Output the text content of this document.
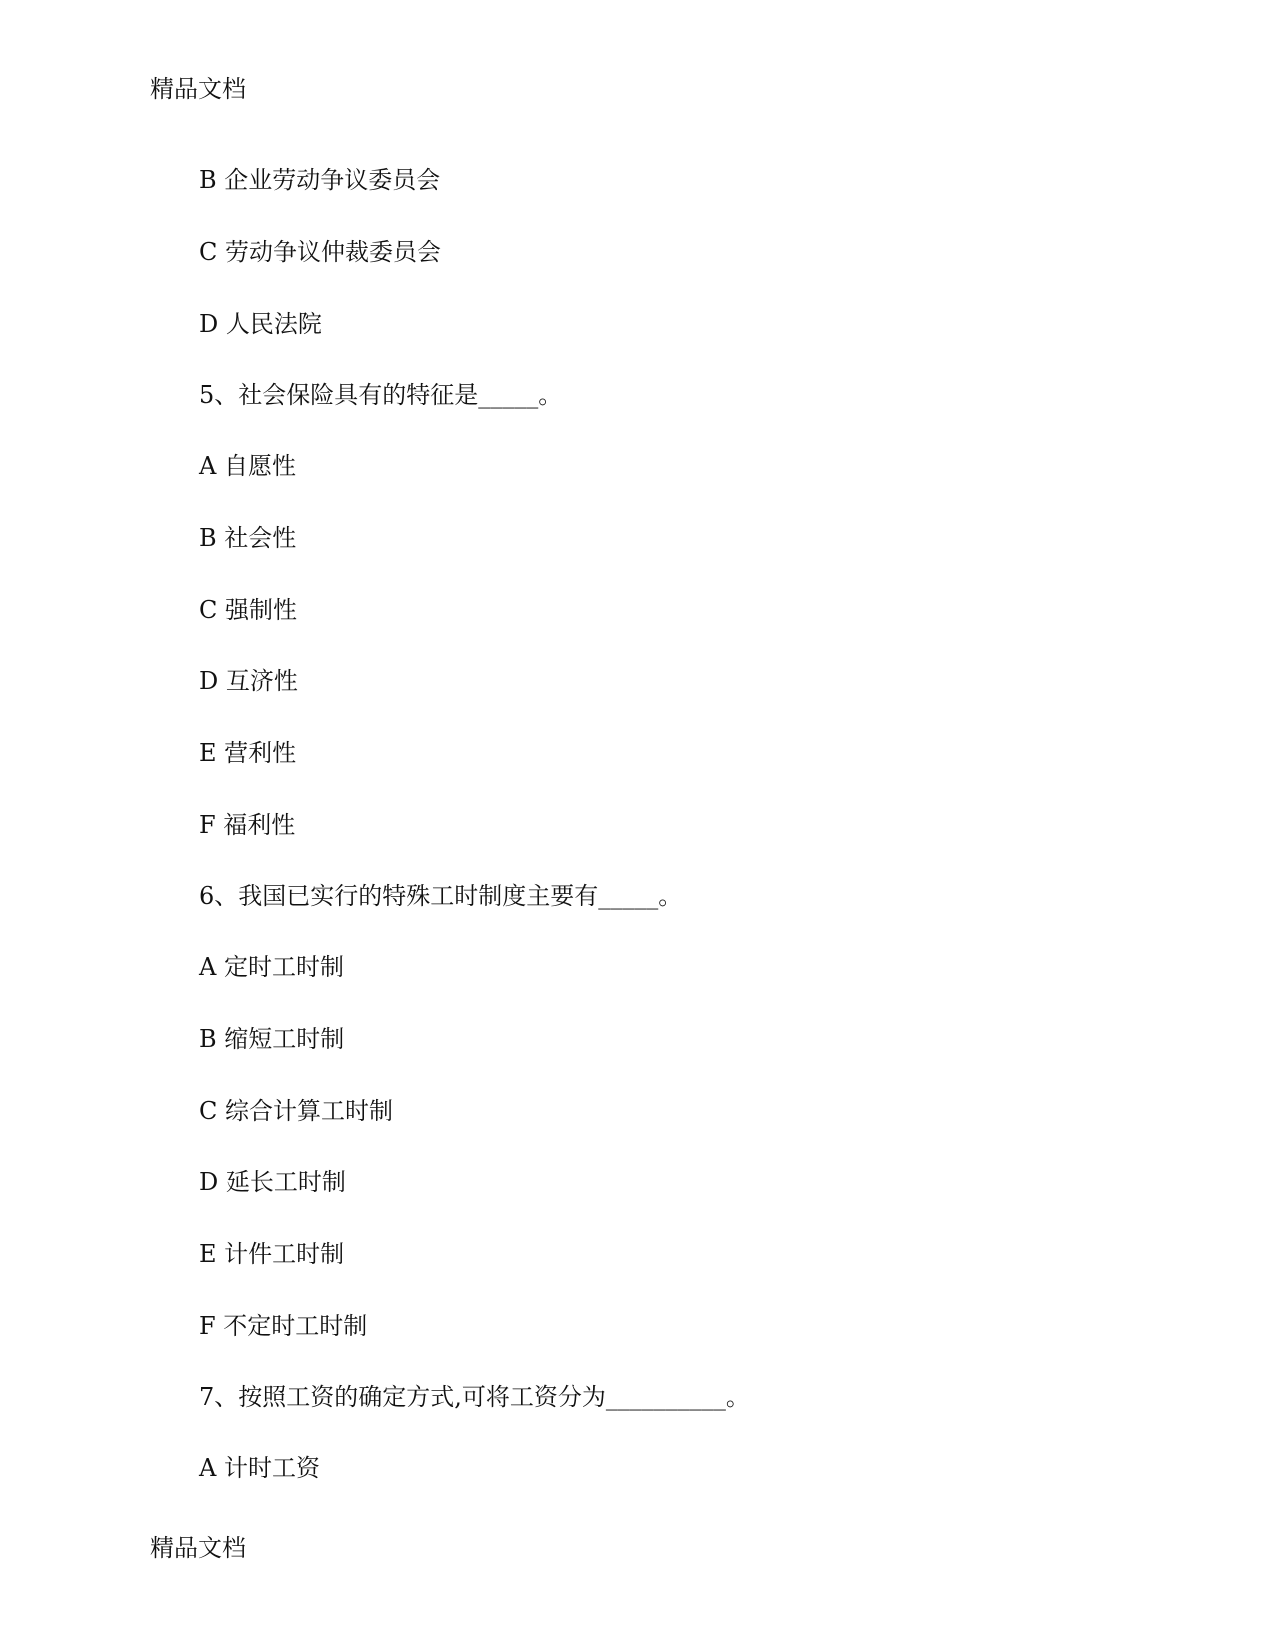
精品文档
B 企业劳动争议委员会
C 劳动争议仲裁委员会
D 人民法院
5、社会保险具有的特征是_____。
A 自愿性
B 社会性
C 强制性
D 互济性
E 营利性
F 福利性
6、我国已实行的特殊工时制度主要有_____。
A 定时工时制
B 缩短工时制
C 综合计算工时制
D 延长工时制
E 计件工时制
F 不定时工时制
7、按照工资的确定方式,可将工资分为__________。
A 计时工资
精品文档
